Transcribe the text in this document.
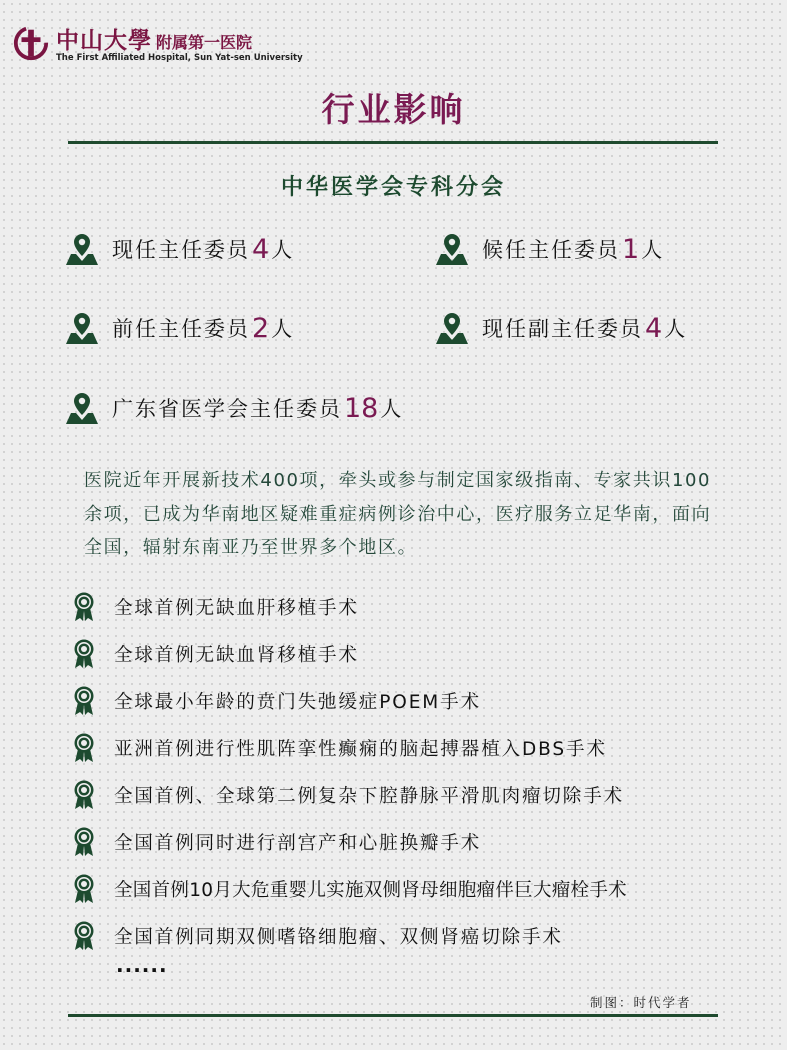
中山大學 附属第一医院
The First Affiliated Hospital, Sun Yat-sen University
行业影响
中华医学会专科分会
现任主任委员 4 人	候任主任委员 1 人
前任主任委员 2 人	现任副主任委员 4 人
广东省医学会主任委员 18 人

医院近年开展新技术400项，牵头或参与制定国家级指南、专家共识100余项，已成为华南地区疑难重症病例诊治中心，医疗服务立足华南，面向全国，辐射东南亚乃至世界多个地区。

全球首例无缺血肝移植手术
全球首例无缺血肾移植手术
全球最小年龄的贲门失弛缓症POEM手术
亚洲首例进行性肌阵挛性癫痫的脑起搏器植入DBS手术
全国首例、全球第二例复杂下腔静脉平滑肌肉瘤切除手术
全国首例同时进行剖宫产和心脏换瓣手术
全国首例10月大危重婴儿实施双侧肾母细胞瘤伴巨大瘤栓手术
全国首例同期双侧嗜铬细胞瘤、双侧肾癌切除手术
······
制图：时代学者
